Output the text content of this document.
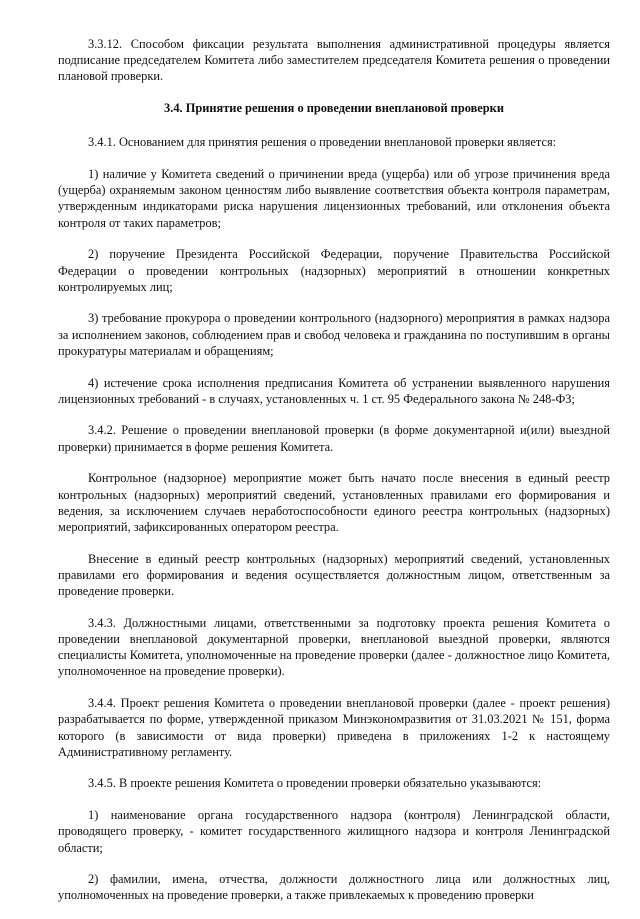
3.3.12. Способом фиксации результата выполнения административной процедуры является подписание председателем Комитета либо заместителем председателя Комитета решения о проведении плановой проверки.

3.4. Принятие решения о проведении внеплановой проверки

3.4.1. Основанием для принятия решения о проведении внеплановой проверки является:

1) наличие у Комитета сведений о причинении вреда (ущерба) или об угрозе причинения вреда (ущерба) охраняемым законом ценностям либо выявление соответствия объекта контроля параметрам, утвержденным индикаторами риска нарушения лицензионных требований, или отклонения объекта контроля от таких параметров;

2) поручение Президента Российской Федерации, поручение Правительства Российской Федерации о проведении контрольных (надзорных) мероприятий в отношении конкретных контролируемых лиц;

3) требование прокурора о проведении контрольного (надзорного) мероприятия в рамках надзора за исполнением законов, соблюдением прав и свобод человека и гражданина по поступившим в органы прокуратуры материалам и обращениям;

4) истечение срока исполнения предписания Комитета об устранении выявленного нарушения лицензионных требований - в случаях, установленных ч. 1 ст. 95 Федерального закона № 248-ФЗ;

3.4.2. Решение о проведении внеплановой проверки (в форме документарной и(или) выездной проверки) принимается в форме решения Комитета.

Контрольное (надзорное) мероприятие может быть начато после внесения в единый реестр контрольных (надзорных) мероприятий сведений, установленных правилами его формирования и ведения, за исключением случаев неработоспособности единого реестра контрольных (надзорных) мероприятий, зафиксированных оператором реестра.

Внесение в единый реестр контрольных (надзорных) мероприятий сведений, установленных правилами его формирования и ведения осуществляется должностным лицом, ответственным за проведение проверки.

3.4.3. Должностными лицами, ответственными за подготовку проекта решения Комитета о проведении внеплановой документарной проверки, внеплановой выездной проверки, являются специалисты Комитета, уполномоченные на проведение проверки (далее - должностное лицо Комитета, уполномоченное на проведение проверки).

3.4.4. Проект решения Комитета о проведении внеплановой проверки (далее - проект решения) разрабатывается по форме, утвержденной приказом Минэкономразвития от 31.03.2021 № 151, форма которого (в зависимости от вида проверки) приведена в приложениях 1-2 к настоящему Административному регламенту.

3.4.5. В проекте решения Комитета о проведении проверки обязательно указываются:

1) наименование органа государственного надзора (контроля) Ленинградской области, проводящего проверку, - комитет государственного жилищного надзора и контроля Ленинградской области;

2) фамилии, имена, отчества, должности должностного лица или должностных лиц, уполномоченных на проведение проверки, а также привлекаемых к проведению проверки
